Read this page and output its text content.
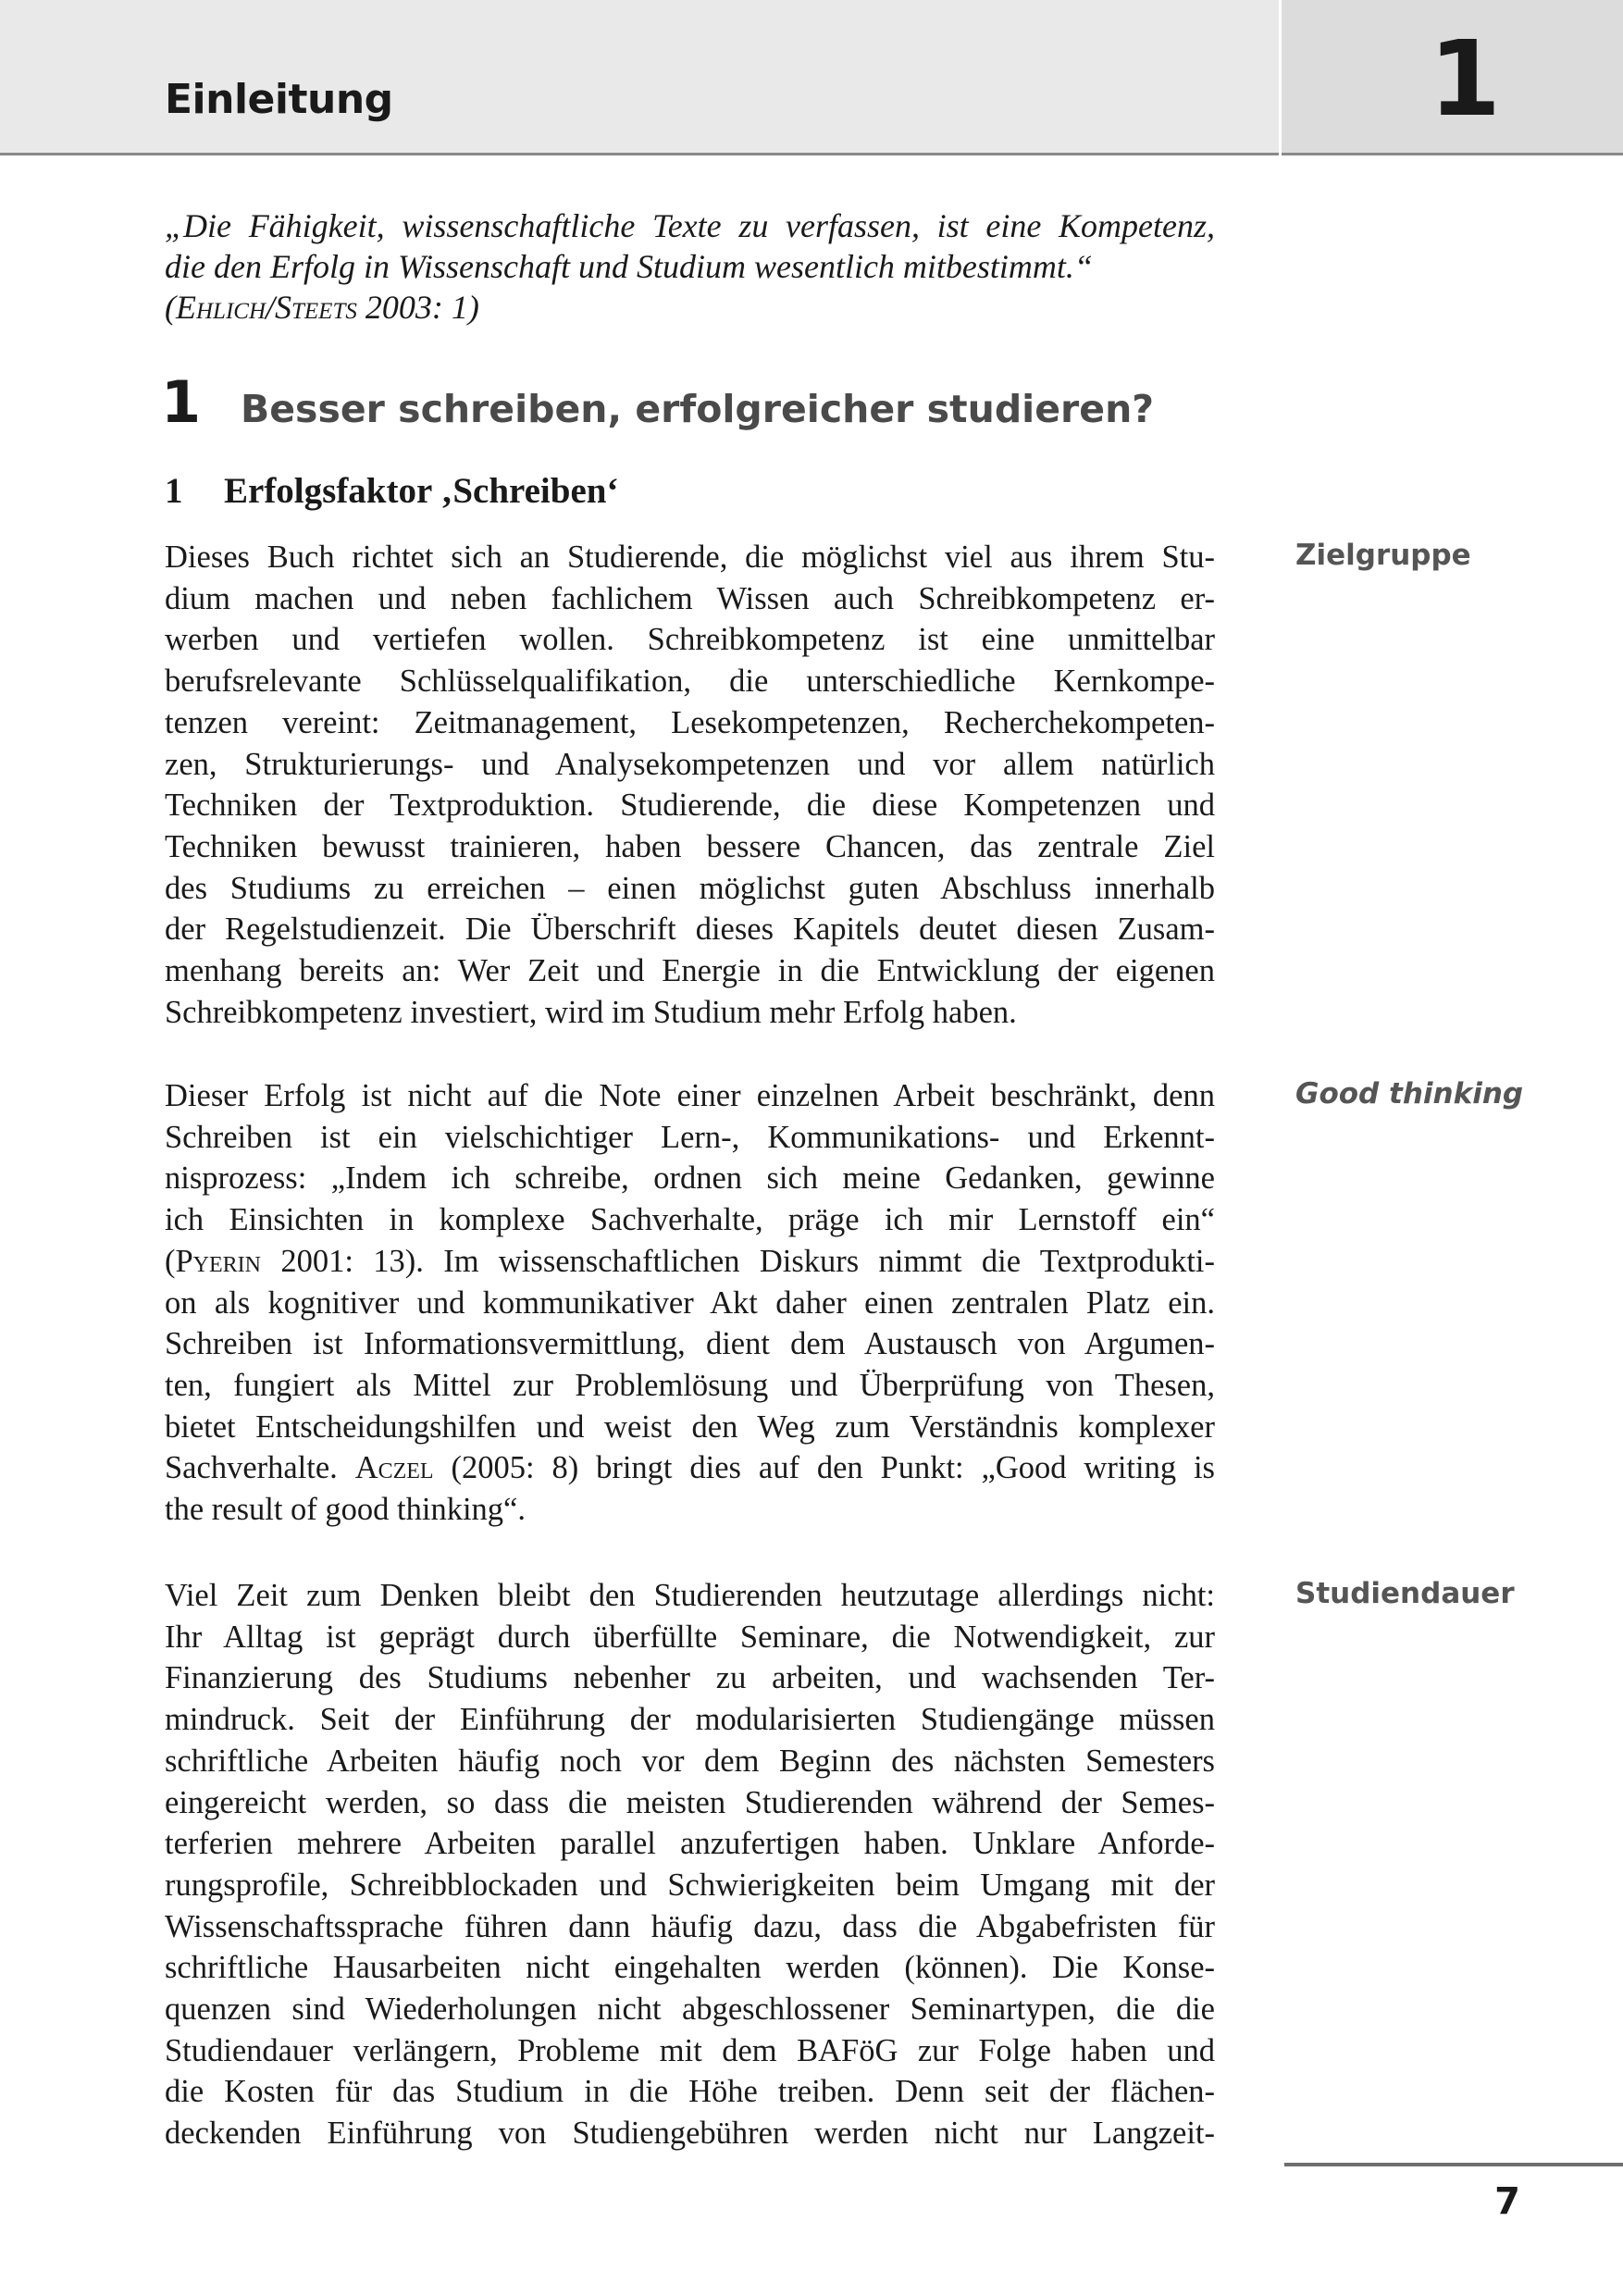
Einleitung	1
„Die Fähigkeit, wissenschaftliche Texte zu verfassen, ist eine Kompetenz,
die den Erfolg in Wissenschaft und Studium wesentlich mitbestimmt.“
(Ehlich/Steets 2003: 1)
1	Besser schreiben, erfolgreicher studieren?
1	Erfolgsfaktor ‚Schreiben‘
Zielgruppe
Good thinking
Studiendauer
Dieses Buch richtet sich an Studierende, die möglichst viel aus ihrem Stu-
dium machen und neben fachlichem Wissen auch Schreibkompetenz er-
werben und vertiefen wollen. Schreibkompetenz ist eine unmittelbar
berufsrelevante Schlüsselqualifikation, die unterschiedliche Kernkompe-
tenzen vereint: Zeitmanagement, Lesekompetenzen, Recherchekompeten-
zen, Strukturierungs- und Analysekompetenzen und vor allem natürlich
Techniken der Textproduktion. Studierende, die diese Kompetenzen und
Techniken bewusst trainieren, haben bessere Chancen, das zentrale Ziel
des Studiums zu erreichen – einen möglichst guten Abschluss innerhalb
der Regelstudienzeit. Die Überschrift dieses Kapitels deutet diesen Zusam-
menhang bereits an: Wer Zeit und Energie in die Entwicklung der eigenen
Schreibkompetenz investiert, wird im Studium mehr Erfolg haben.
Dieser Erfolg ist nicht auf die Note einer einzelnen Arbeit beschränkt, denn
Schreiben ist ein vielschichtiger Lern-, Kommunikations- und Erkennt-
nisprozess: „Indem ich schreibe, ordnen sich meine Gedanken, gewinne
ich Einsichten in komplexe Sachverhalte, präge ich mir Lernstoff ein“
(Pyerin 2001: 13). Im wissenschaftlichen Diskurs nimmt die Textprodukti-
on als kognitiver und kommunikativer Akt daher einen zentralen Platz ein.
Schreiben ist Informationsvermittlung, dient dem Austausch von Argumen-
ten, fungiert als Mittel zur Problemlösung und Überprüfung von Thesen,
bietet Entscheidungshilfen und weist den Weg zum Verständnis komplexer
Sachverhalte. Aczel (2005: 8) bringt dies auf den Punkt: „Good writing is
the result of good thinking“.
Viel Zeit zum Denken bleibt den Studierenden heutzutage allerdings nicht:
Ihr Alltag ist geprägt durch überfüllte Seminare, die Notwendigkeit, zur
Finanzierung des Studiums nebenher zu arbeiten, und wachsenden Ter-
mindruck. Seit der Einführung der modularisierten Studiengänge müssen
schriftliche Arbeiten häufig noch vor dem Beginn des nächsten Semesters
eingereicht werden, so dass die meisten Studierenden während der Semes-
terferien mehrere Arbeiten parallel anzufertigen haben. Unklare Anforde-
rungsprofile, Schreibblockaden und Schwierigkeiten beim Umgang mit der
Wissenschaftssprache führen dann häufig dazu, dass die Abgabefristen für
schriftliche Hausarbeiten nicht eingehalten werden (können). Die Konse-
quenzen sind Wiederholungen nicht abgeschlossener Seminartypen, die die
Studiendauer verlängern, Probleme mit dem BAFöG zur Folge haben und
die Kosten für das Studium in die Höhe treiben. Denn seit der flächen-
deckenden Einführung von Studiengebühren werden nicht nur Langzeit-
7
